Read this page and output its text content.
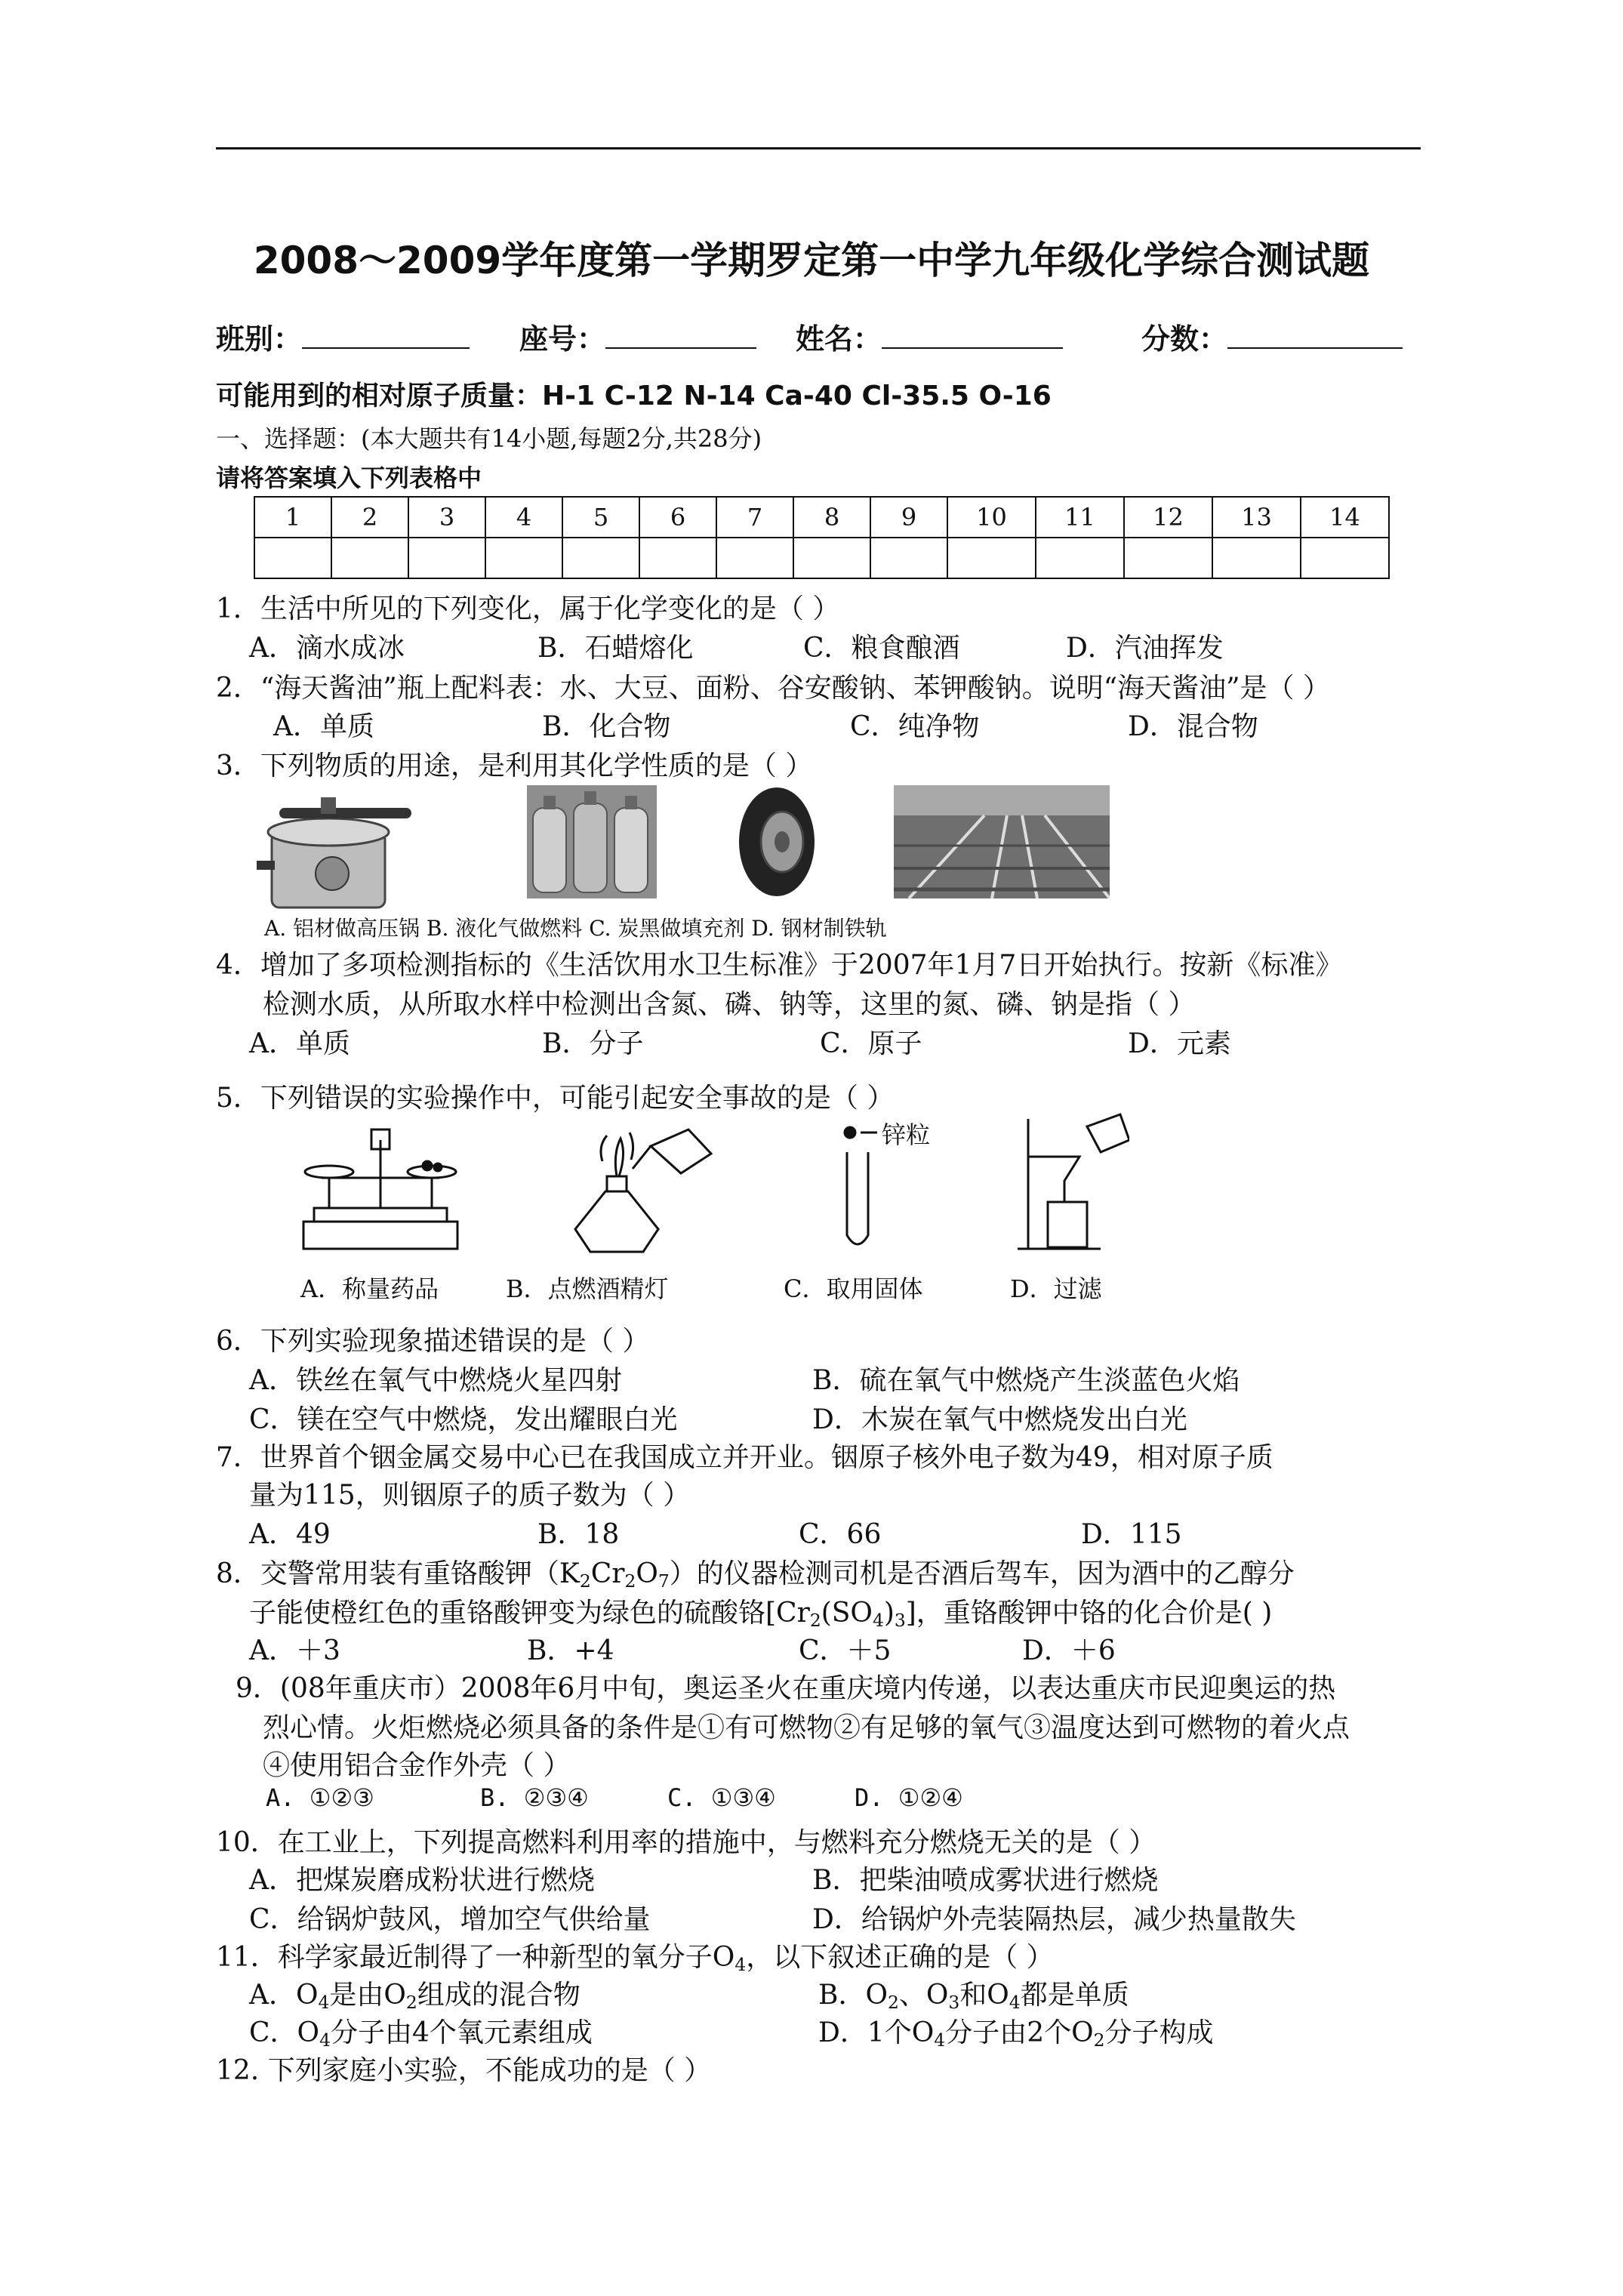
2008～2009学年度第一学期罗定第一中学九年级化学综合测试题
班别：	座号：	姓名：	分数：
可能用到的相对原子质量：H-1 C-12 N-14 Ca-40 Cl-35.5 O-16
一、选择题：(本大题共有14小题,每题2分,共28分)
请将答案填入下列表格中
1	2	3	4	5	6	7	8	9	10	11	12	13	14

1．生活中所见的下列变化，属于化学变化的是（ ）
A．滴水成冰	B．石蜡熔化	C．粮食酿酒	D．汽油挥发
2．“海天酱油”瓶上配料表：水、大豆、面粉、谷安酸钠、苯钾酸钠。说明“海天酱油”是（ ）
A．单质	B．化合物	C．纯净物	D．混合物
3．下列物质的用途，是利用其化学性质的是（ ）
A. 铝材做高压锅 B. 液化气做燃料 C. 炭黑做填充剂 D. 钢材制铁轨
4．增加了多项检测指标的《生活饮用水卫生标准》于2007年1月7日开始执行。按新《标准》
检测水质，从所取水样中检测出含氮、磷、钠等，这里的氮、磷、钠是指（ ）
A．单质	B．分子	C．原子	D．元素
5．下列错误的实验操作中，可能引起安全事故的是（ ）
锌粒
A．称量药品	B．点燃酒精灯	C．取用固体	D．过滤
6．下列实验现象描述错误的是（ ）
A．铁丝在氧气中燃烧火星四射	B．硫在氧气中燃烧产生淡蓝色火焰
C．镁在空气中燃烧，发出耀眼白光	D．木炭在氧气中燃烧发出白光
7．世界首个铟金属交易中心已在我国成立并开业。铟原子核外电子数为49，相对原子质
量为115，则铟原子的质子数为（ ）
A．49	B．18	C．66	D．115
8．交警常用装有重铬酸钾$(K_2Cr_2O_7)$的仪器检测司机是否酒后驾车，因为酒中的乙醇分
子能使橙红色的重铬酸钾变为绿色的硫酸铬$[Cr_2(SO_4)_3]$，重铬酸钾中铬的化合价是( )
A．＋3	B．+4	C．＋5	D．＋6
9．(08年重庆市）2008年6月中旬，奥运圣火在重庆境内传递，以表达重庆市民迎奥运的热
烈心情。火炬燃烧必须具备的条件是①有可燃物②有足够的氧气③温度达到可燃物的着火点
④使用铝合金作外壳（ ）
A. ①②③	B. ②③④	C. ①③④	D. ①②④
10．在工业上，下列提高燃料利用率的措施中，与燃料充分燃烧无关的是（ ）
A．把煤炭磨成粉状进行燃烧	B．把柴油喷成雾状进行燃烧
C．给锅炉鼓风，增加空气供给量	D．给锅炉外壳装隔热层，减少热量散失
11．科学家最近制得了一种新型的氧分子$O_4$，以下叙述正确的是（ ）
A．$O_4$是由$O_2$组成的混合物	B．$O_2$、$O_3$和$O_4$都是单质
C．$O_4$分子由4个氧元素组成	D．1个$O_4$分子由2个$O_2$分子构成
12. 下列家庭小实验，不能成功的是（ ）
